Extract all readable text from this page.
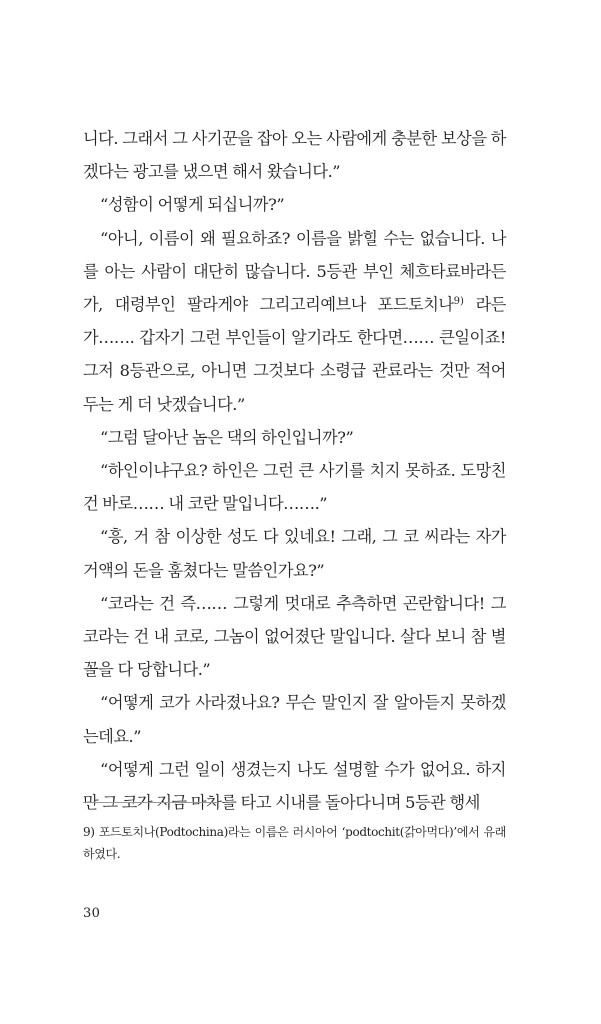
니다. 그래서 그 사기꾼을 잡아 오는 사람에게 충분한 보상을 하겠다는 광고를 냈으면 해서 왔습니다.”

“성함이 어떻게 되십니까?”

“아니, 이름이 왜 필요하죠? 이름을 밝힐 수는 없습니다. 나를 아는 사람이 대단히 많습니다. 5등관 부인 체흐타료바라든가, 대령부인 팔라게야 그리고리예브나 포드토치나$^{9)}$ 라든가……. 갑자기 그런 부인들이 알기라도 한다면…… 큰일이죠! 그저 8등관으로, 아니면 그것보다 소령급 관료라는 것만 적어 두는 게 더 낫겠습니다.”

“그럼 달아난 놈은 댁의 하인입니까?”

“하인이냐구요? 하인은 그런 큰 사기를 치지 못하죠. 도망친 건 바로…… 내 코란 말입니다…….”

“흥, 거 참 이상한 성도 다 있네요! 그래, 그 코 씨라는 자가 거액의 돈을 훔쳤다는 말씀인가요?”

“코라는 건 즉…… 그렇게 멋대로 추측하면 곤란합니다! 그 코라는 건 내 코로, 그놈이 없어졌단 말입니다. 살다 보니 참 별꼴을 다 당합니다.”

“어떻게 코가 사라졌나요? 무슨 말인지 잘 알아듣지 못하겠는데요.”

“어떻게 그런 일이 생겼는지 나도 설명할 수가 없어요. 하지만 그 코가 지금 마차를 타고 시내를 돌아다니며 5등관 행세

9) 포드토치나(Podtochina)라는 이름은 러시아어 ‘podtochit(갉아먹다)’에서 유래하였다.

30
